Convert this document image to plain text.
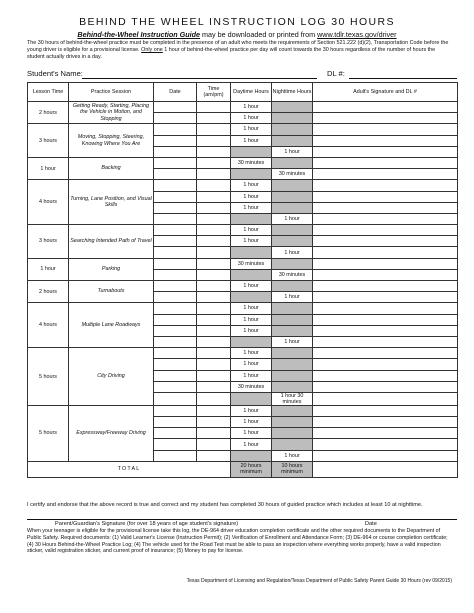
BEHIND THE WHEEL INSTRUCTION LOG 30 HOURS
Behind-the-Wheel Instruction Guide may be downloaded or printed from www.tdlr.texas.gov/driver
The 30 hours of behind-the-wheel practice must be completed in the presence of an adult who meets the requirements of Section 521.222 (d)(2), Transportation Code before the young driver is eligible for a provisional license. Only one 1 hour of behind-the-wheel practice per day will count towards the 30 hours regardless of the number of hours the student actually drives in a day.
Student's Name:	DL #:
Lesson Time	Practice Session	Date	Time (am/pm)	Daytime Hours	Nighttime Hours	Adult's Signature and DL #
2 hours	Getting Ready, Starting, Placing the Vehicle in Motion, and Stopping			1 hour		
				1 hour		
3 hours	Moving, Stopping, Steering, Knowing Where You Are			1 hour		
				1 hour		
					1 hour	
1 hour	Backing			30 minutes		
					30 minutes	
4 hours	Turning, Lane Position, and Visual Skills			1 hour		
				1 hour		
				1 hour		
					1 hour	
3 hours	Searching Intended Path of Travel			1 hour		
				1 hour		
					1 hour	
1 hour	Parking			30 minutes		
					30 minutes	
2 hours	Turnabouts			1 hour		
					1 hour	
4 hours	Multiple Lane Roadways			1 hour		
				1 hour		
				1 hour		
					1 hour	
5 hours	City Driving			1 hour		
				1 hour		
				1 hour		
				30 minutes		
					1 hour 30 minutes	
5 hours	Expressway/Freeway Driving			1 hour		
				1 hour		
				1 hour		
				1 hour		
					1 hour	
TOTAL				20 hours minimum	10 hours minimum	
I certify and endorse that the above record is true and correct and my student has completed 30 hours of guided practice which includes at least 10 at nighttime.
Parent/Guardian's Signature (for over 18 years of age student's signature)	Date
When your teenager is eligible for the provisional license take this log, the DE-964 driver education completion certificate and the other required documents to the Department of Public Safety. Required documents: (1) Valid Learner's License (Instruction Permit); (2) Verification of Enrollment and Attendance Form; (3) DE-964 or course completion certificate; (4) 30 Hours Behind-the-Wheel Practice Log; (4) The vehicle used for the Road Test must be able to pass an inspection where everything works properly, have a valid inspection sticker, valid registration sticker, and current proof of insurance; (5) Money to pay for license.
Texas Department of Licensing and Regulation/Texas Department of Public Safety Parent Guide 30 Hours (rev 09/2015)
